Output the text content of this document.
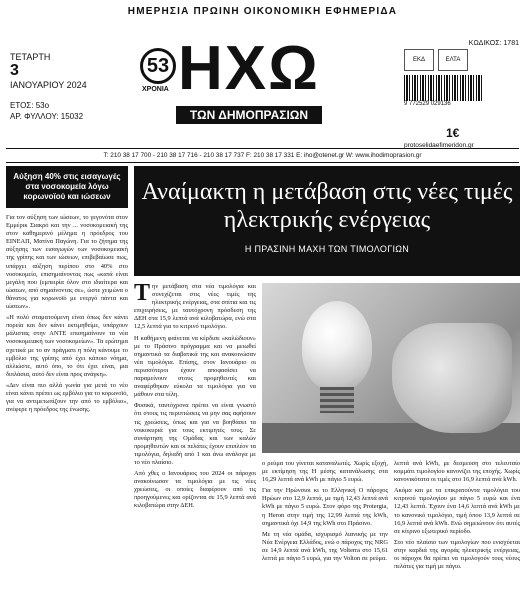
ΗΜΕΡΗΣΙΑ ΠΡΩΙΝΗ ΟΙΚΟΝΟΜΙΚΗ ΕΦΗΜΕΡΙΔΑ
53
ΧΡΟΝΙΑ ΗΧΩ
ΤΩΝ ΔΗΜΟΠΡΑΣΙΩΝ
ΤΕΤΑΡΤΗ
3
ΙΑΝΟΥΑΡΙΟΥ 2024
ΕΤΟΣ: 53ο
ΑΡ. ΦΥΛΛΟΥ: 15032
ΚΩΔΙΚΟΣ: 1781
ΕΚΔ	ΕΛΤΑ
9 772529 029136
1€
protoselidaefimeridon.gr
T: 210 38 17 700 - 210 38 17 716 - 210 38 17 737 F: 210 38 17 331 E: iho@otenet.gr W: www.ihodimoprasion.gr
Αύξηση 40% στις εισαγωγές στα νοσοκομεία λόγω κορωνοϊού και ιώσεων

Για τον αύξηση των ιώσεων, το γεγονότα στον Εμμέρικ Σιακρό και την ... νοσοκομειακή της στον καθημερινό μέλημα η πρόεδρος του ΕΙΝΕΑΠ, Ματίνα Παγώνη. Για το ζήτημα της αύξησης των εισαγωγών των νοσοκομειακή της γρίπης και των ιώσεων, επιβεβαίωσε πως, υπάρχει αύξηση περίπου στο 40% στο νοσοκομείο, επισημαίνοντας πως «κατά είναι μεγάλη που (εμπειρία όλον στο ιδιαίτερα και ιώσεων, από σημαίνοντας σε», ώστε χειμώνα ο θάνατος για κορωνοϊό με ενεργό πάντα και ιώσεων».

«Η πολύ σταματούμενη είναι όπως δεν κάνει πορεία και δεν κάνει εκτιμηθείμε, υπάρχουν μάλιστας στην ΑΝΤΕ επισημαίνουν τα νέα νοσοκομειακή των νοσοκομείων». Τα ερώτημα σχετικά με το αν πράγματι η πόλη κάνουμε το εμβόλιο της γρίπης από έχει κάποιο νόημα, αλλιώστε, αυτό όπο, το ότι έχει είναι, μια διπλάσια, αυτό δεν είναι προς ανάγκη».

«Δεν είναι πιο αλλά γωνία για μετά το νέο είναι κάνει πρέπει ως εμβόλιο για το κορωνοϊό, για να αντιμετωπίζουν την από το εμβόλιο», ανέφερε η πρόεδρος της ένωσης.

Αναίμακτη η μετάβαση στις νέες τιμές ηλεκτρικής ενέργειας
Η ΠΡΑΣΙΝΗ ΜΑΧΗ ΤΩΝ ΤΙΜΟΛΟΓΙΩΝ

Την μετάβαση στα νέα τιμολόγια και συνεχίζεται στις νέες τιμές της ηλεκτρικής ενέργειας, στα σπίτια και τις επιχειρήσεις, με ταυτόχρονη πρόσδεση της ΔΕΗ στα 15,9 λεπτά ανά κιλοβατώρα, ενώ στα 12,5 λεπτά για το κιτρινό τιμολόγιο.

Η καθήμενη φαίνεται να κέρδισε «καλώδιουν» με το Πράσινο πρόγραμμα και να μειωθεί σημαντικά τα διαβατικά της και ανακοινώσαν νέα τιμολόγια. Επίσης, στον Ιανουάριο οι περισσότεροι έχουν αποφασίσει να παραμείνουν στους προμηθευτές και αναφέρθηκαν εύκολα τα τιμολόγια για να μάθουν στα τέλη.

Φυσικά, ταυτόχρονα πρέπει να είναι γνωστό ότι στους τις περιπτώσεις να μην σας αφήσουν τις χρεώσεις, όπως και για να βοηθάσει τα νοικοκυριά για τους εκτιμητές τους. Σε συνάρτηση της Ομάδας και των καλών προμηθευτών και οι πελάτες έχουν επιπλέον τα τιμολόγια, δηλαδή από 1 και άνω ανάλογα με το νέο πλαίσιο.

Από χθες ο Ιανουάριος του 2024 οι πάροχοι ανακοίνωσαν τα τιμολόγια με τις νέες χρεώσεις, οι οποίες διαφέρουν από τις προηγούμενες και ορίζονται σε 15,9 λεπτά ανά κιλοβατώρα στην ΔΕΗ.

ο ρεύμα του γίνεται καταναλωτές. Χωρίς εξοχή, με εκτίμηση της Η μέσης κατανάλωσης στα 16,29 λεπτά ανά kWh με πάγιο 5 ευρώ.

Για την Ηρώνσιοι κι το Ελληνική Ο πάροχος Ηρώων στο 12,9 λεπτά, με τιμή 12,43 λεπτά ανά kWh με πάγιο 5 ευρώ. Στον φόρο της Protergia, η Heron στην τιμή της 12,99 λεπτά της kWh, σημαντικά όχι 14,9 της kWh στο Πράσινο.

Με τη νέα ομάδα, ισχυρισμό λιανικής με την Νέα Ενέργεια Ελλάδος, ενώ ο πάροχος της ΝRG σε 14,9 λεπτά ανά kWh, της Volterra στο 15,61 λεπτά με πάγιο 5 ευρώ, για την Volton σε ρεύμα.

λεπτά ανά kWh, με δεσμευση στο τελευταίο κομμάτι τιμολογίου κανονίζει της εποχής. Χωρίς κανονικότατα οι τιμές στο 16,9 λεπτά ανά kWh.

Ακόμα και με τα επικρατούντα τιμολόγια του κιτρινού τιμολογίου με πάγιο 5 ευρώ και ένα 12,43 λεπτά. Έχουν ένα 14,6 λεπτά ανά kWh με το κανονικό τιμολόγιο, τιμή όπου 13,9 λεπτά σε 16,9 λεπτά ανά kWh. Ενώ σημειώνουν ότι αυτές σε κίτρινο εξωτερικό περίοδο.

Στο νέο πλαίσιο των τιμολογίων που ενισχύεται στην καρδιά της αγοράς ηλεκτρικής ενέργειας, οι πάροχοι θα πρέπει να τιμολογούν τους νέους πελάτες για τιμή με πάγιο.
